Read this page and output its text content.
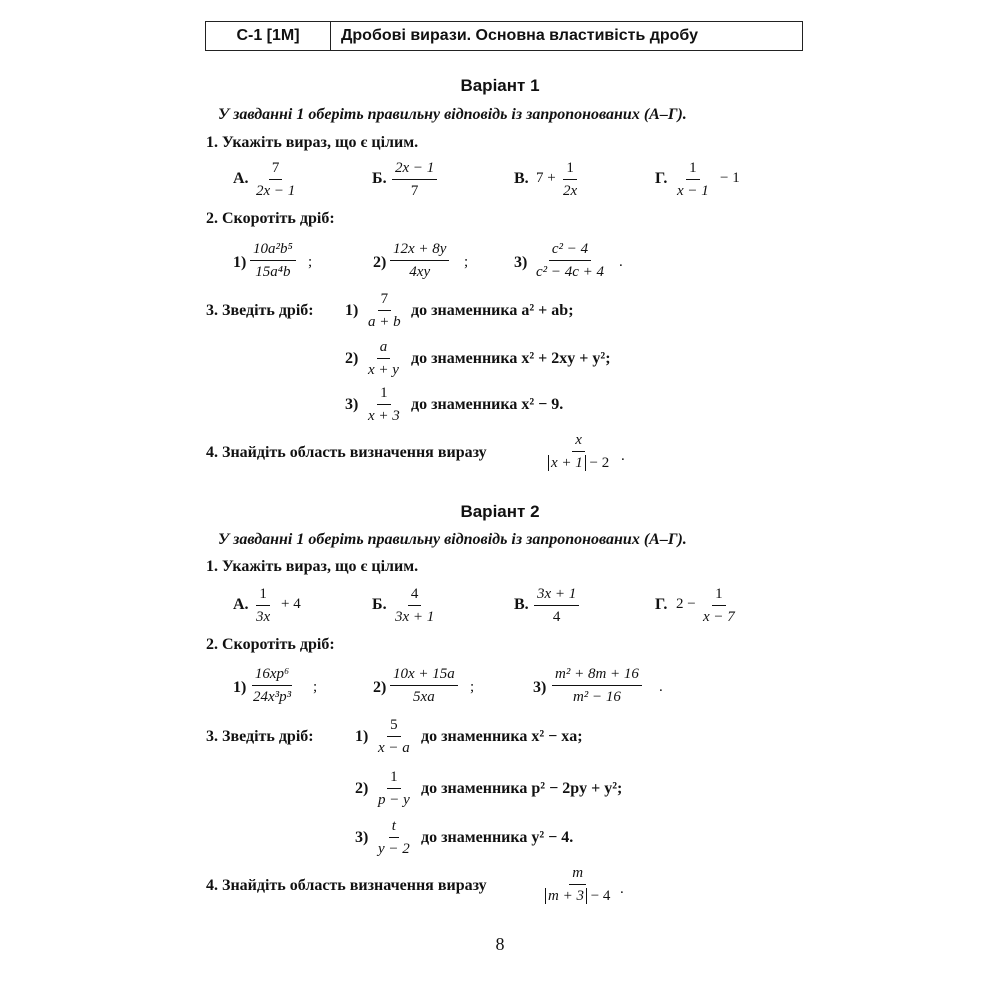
С-1 [1М]	Дробові вирази. Основна властивість дробу
Варіант 1
У завданні 1 оберіть правильну відповідь із запропонованих (А–Г).
1. Укажіть вираз, що є цілим.
А. $\frac{7}{2x - 1}$	Б. $\frac{2x - 1}{7}$	В. $7 + \frac{1}{2x}$	Г. $\frac{1}{x - 1} - 1$
2. Скоротіть дріб:
$1) \frac{\text{10a²b⁵}}{\text{15a⁴b}}$ ;	$2) \frac{12x + 8y}{4xy}$ ;	$3) \frac{\text{c² − 4}}{\text{c² − 4c + 4}}$ .
3. Зведіть дріб: $1) \frac{7}{a + b}$ до знаменника a² + ab;
$2) \frac{a}{x + y}$ до знаменника x² + 2xy + y²;
$3) \frac{1}{x + 3}$ до знаменника x² − 9.
4. Знайдіть область визначення виразу	$\frac{x}{x + 1 - 2}$ .
Варіант 2
У завданні 1 оберіть правильну відповідь із запропонованих (А–Г).
1. Укажіть вираз, що є цілим.
А. $\frac{1}{3x} + 4$	Б. $\frac{4}{3x + 1}$	В. $\frac{3x + 1}{4}$	Г. $2 - \frac{1}{x - 7}$
2. Скоротіть дріб:
$1) \frac{\text{16xp⁶}}{\text{24x³p³}}$ ;	$2) \frac{10x + 15a}{5xa}$ ;	$3) \frac{\text{m² + 8m + 16}}{\text{m² − 16}}$ .
3. Зведіть дріб:	$1) \frac{5}{x - a}$ до знаменника x² − xa;
$2) \frac{1}{p - y}$ до знаменника p² − 2py + y²;
$3) \frac{t}{y - 2}$ до знаменника y² − 4.
4. Знайдіть область визначення виразу	$\frac{m}{m + 3 - 4}$ .
8
